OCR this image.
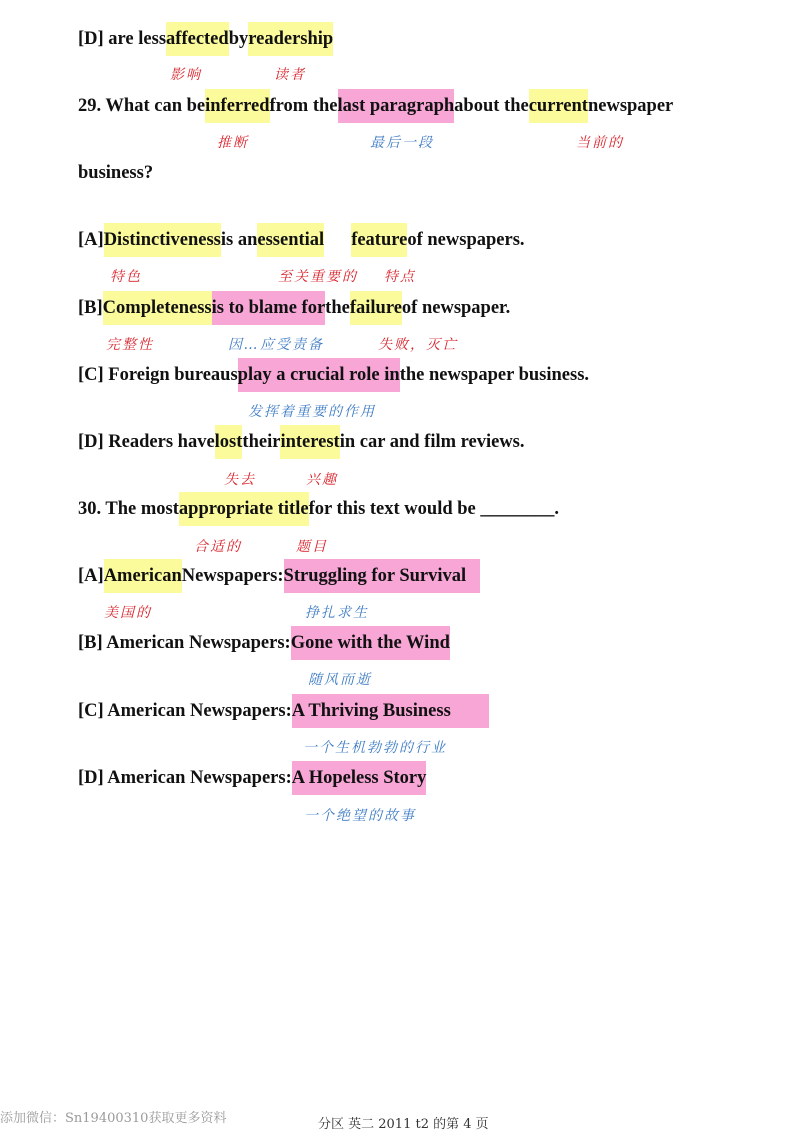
[D] are lessaffectedbyreadership
影响	读者
29. What can beinferredfrom thelast paragraphabout thecurrentnewspaper
推断	最后一段	当前的
business?
[A]Distinctivenessis anessential featureof newspapers.
特色	至关重要的 特点
[B]Completenessis to blame forthefailureof newspaper.
完整性	因…应受责备	失败，灭亡
[C] Foreign bureausplay a crucial role inthe newspaper business.
发挥着重要的作用
[D] Readers havelosttheirinterestin car and film reviews.
失去	兴趣
30. The mostappropriate titlefor this text would be ________.
合适的	题目
[A]AmericanNewspapers:Struggling for Survival
美国的	挣扎求生
[B] American Newspapers:Gone with the Wind
随风而逝
[C] American Newspapers:A Thriving Business
一个生机勃勃的行业
[D] American Newspapers:A Hopeless Story
一个绝望的故事
添加微信：Sn19400310获取更多资料	分区 英二 2011 t2 的第 4 页
